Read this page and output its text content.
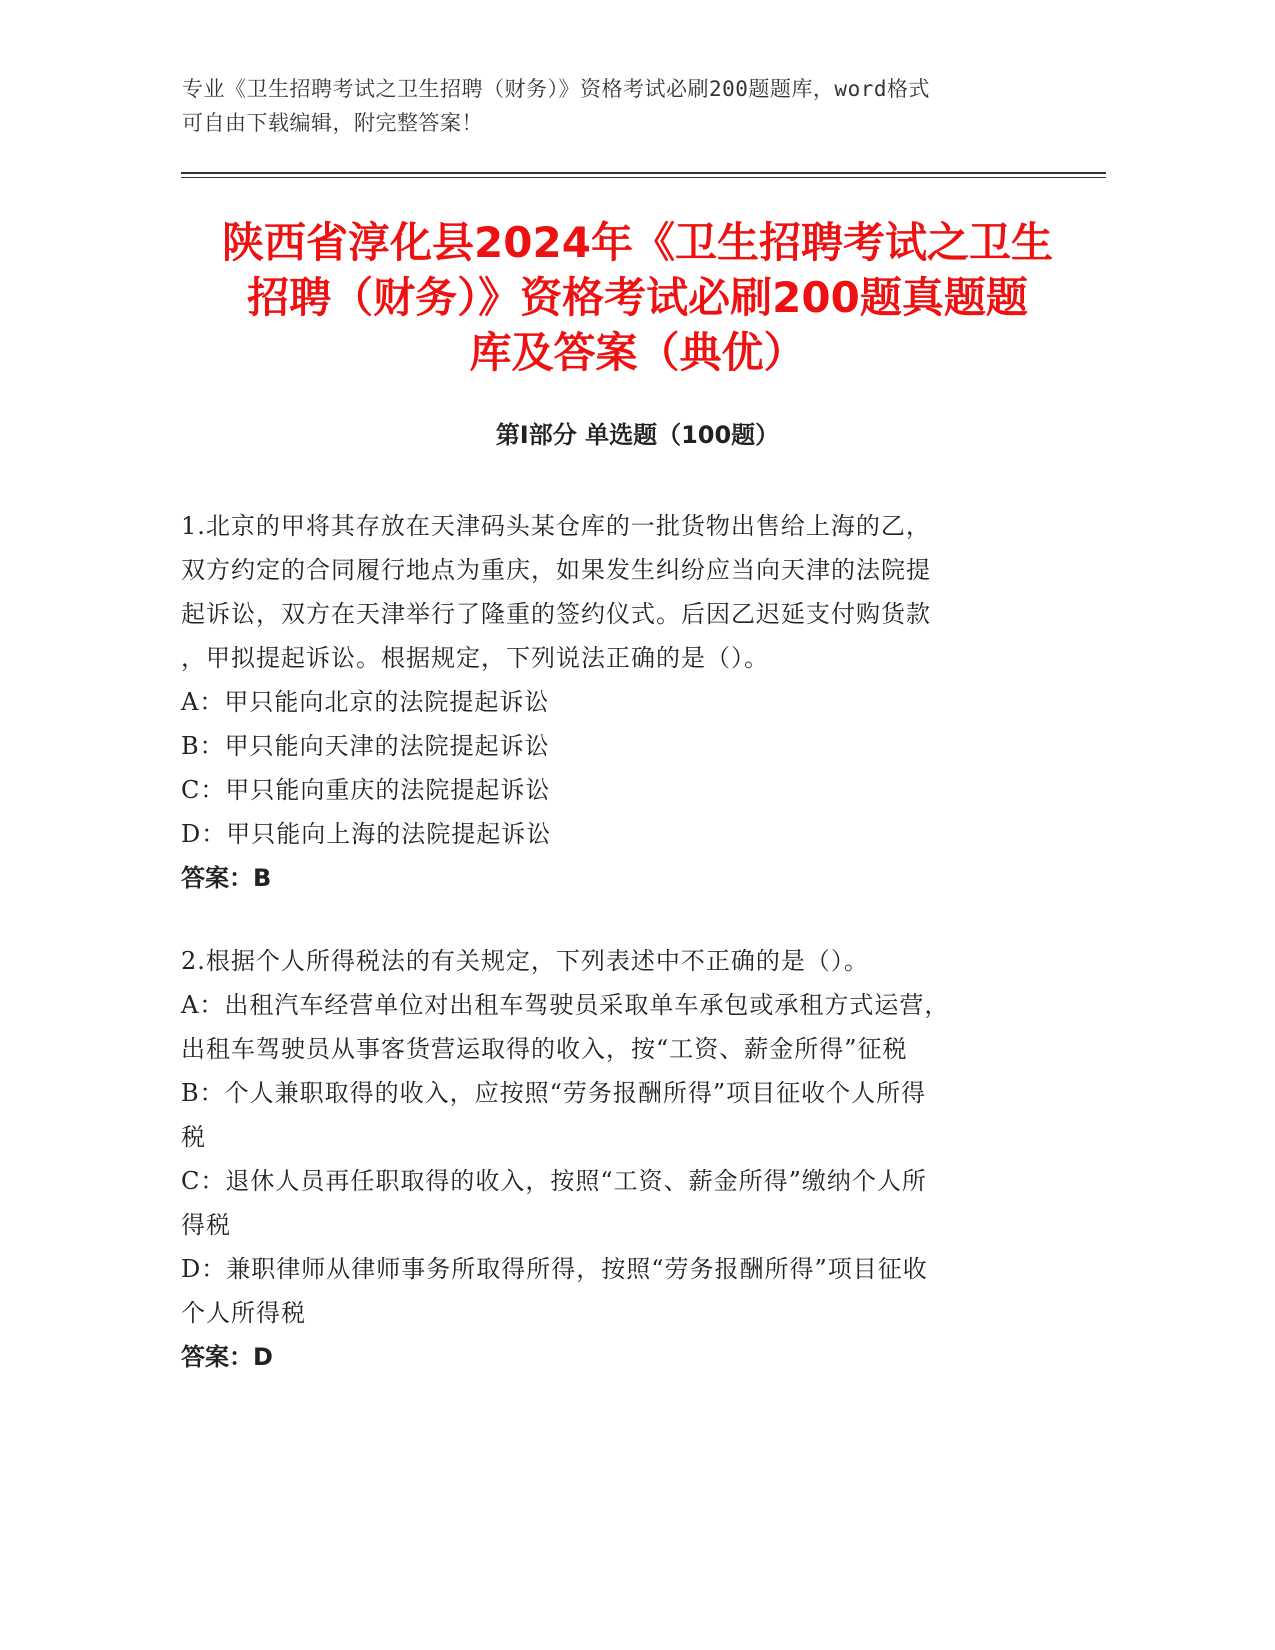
专业《卫生招聘考试之卫生招聘（财务）》资格考试必刷200题题库，word格式
可自由下载编辑，附完整答案！
陕西省淳化县2024年《卫生招聘考试之卫生
招聘（财务）》资格考试必刷200题真题题
库及答案（典优）
第Ⅰ部分 单选题（100题）
1.北京的甲将其存放在天津码头某仓库的一批货物出售给上海的乙，
双方约定的合同履行地点为重庆，如果发生纠纷应当向天津的法院提
起诉讼，双方在天津举行了隆重的签约仪式。后因乙迟延支付购货款
，甲拟提起诉讼。根据规定，下列说法正确的是（）。
A：甲只能向北京的法院提起诉讼
B：甲只能向天津的法院提起诉讼
C：甲只能向重庆的法院提起诉讼
D：甲只能向上海的法院提起诉讼
答案：B
2.根据个人所得税法的有关规定，下列表述中不正确的是（）。
A：出租汽车经营单位对出租车驾驶员采取单车承包或承租方式运营，
出租车驾驶员从事客货营运取得的收入，按“工资、薪金所得”征税
B：个人兼职取得的收入，应按照“劳务报酬所得”项目征收个人所得
税
C：退休人员再任职取得的收入，按照“工资、薪金所得”缴纳个人所
得税
D：兼职律师从律师事务所取得所得，按照“劳务报酬所得”项目征收
个人所得税
答案：D
